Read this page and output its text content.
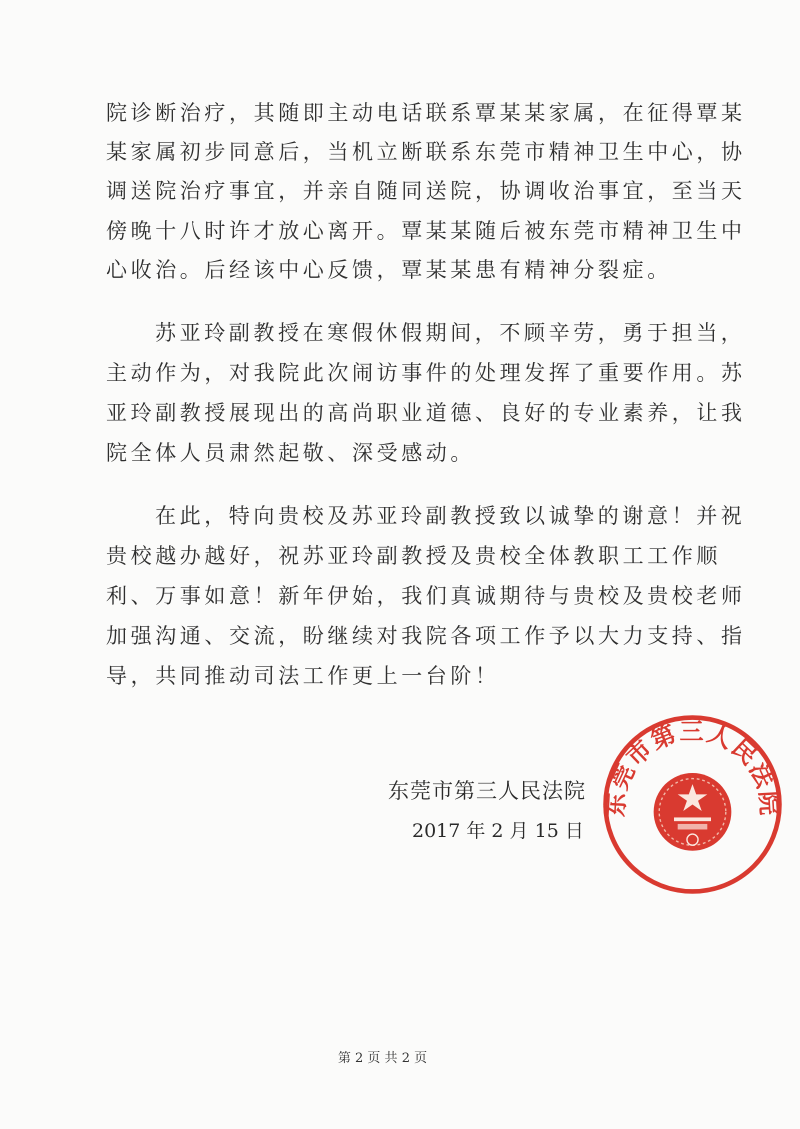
院诊断治疗，其随即主动电话联系覃某某家属，在征得覃某
某家属初步同意后，当机立断联系东莞市精神卫生中心，协
调送院治疗事宜，并亲自随同送院，协调收治事宜，至当天
傍晚十八时许才放心离开。覃某某随后被东莞市精神卫生中
心收治。后经该中心反馈，覃某某患有精神分裂症。
苏亚玲副教授在寒假休假期间，不顾辛劳，勇于担当，
主动作为，对我院此次闹访事件的处理发挥了重要作用。苏
亚玲副教授展现出的高尚职业道德、良好的专业素养，让我
院全体人员肃然起敬、深受感动。
在此，特向贵校及苏亚玲副教授致以诚挚的谢意！并祝
贵校越办越好，祝苏亚玲副教授及贵校全体教职工工作顺
利、万事如意！新年伊始，我们真诚期待与贵校及贵校老师
加强沟通、交流，盼继续对我院各项工作予以大力支持、指
导，共同推动司法工作更上一台阶！
东莞市第三人民法院
东莞市第三人民法院
2017 年 2 月 15 日
第 2 页 共 2 页
